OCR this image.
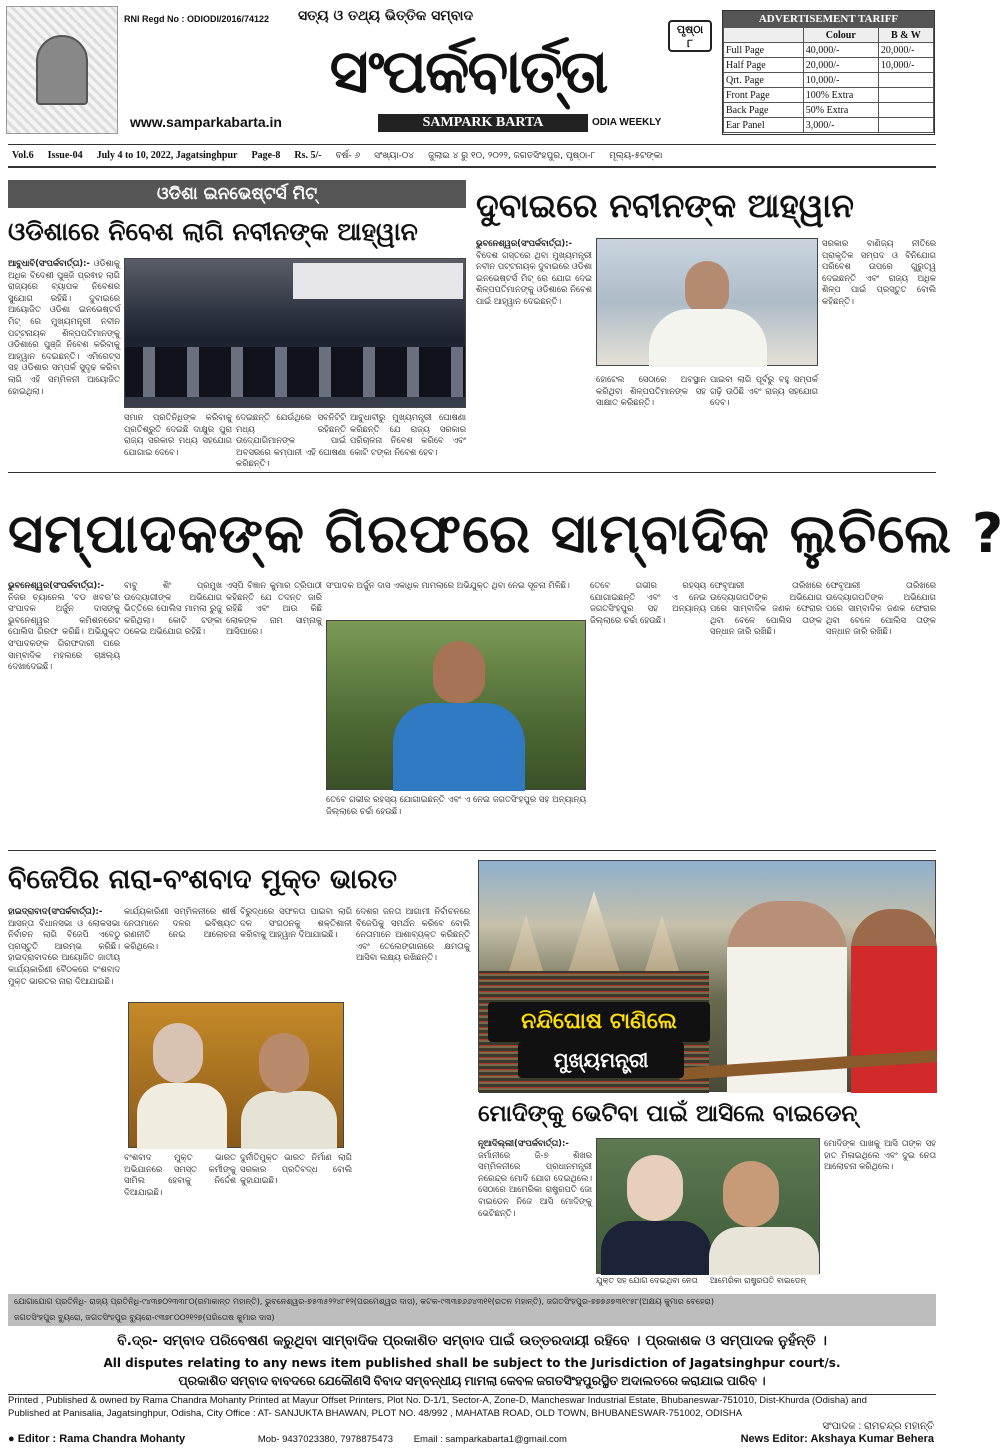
RNI Regd No : ODIODI/2016/74122 ସତ୍ୟ ଓ ତଥ୍ୟ ଭିତ୍ତିକ ସମ୍ବାଦ
ସଂପର୍କବାର୍ତ୍ତା
SAMPARK BARTA	ODIA WEEKLY
www.samparkabarta.in
ପୃଷ୍ଠା
୮
ADVERTISEMENT TARIFF
	Colour	B & W
Full Page	40,000/-	20,000/-
Half Page	20,000/-	10,000/-
Qrt. Page	10,000/-	
Front Page	100% Extra	
Back Page	50% Extra	
Ear Panel	3,000/-	
Vol.6 Issue-04 July 4 to 10, 2022, Jagatsinghpur Page-8 Rs. 5/- ବର୍ଷ- ୬ ସଂଖ୍ୟା-୦୪ ଜୁଲାଇ ୪ ରୁ ୧୦, ୨୦୨୨, ଜଗତସିଂହପୁର, ପୃଷ୍ଠା-୮ ମୂଲ୍ୟ-୫ଟଙ୍କା
ଓଡିଶା ଇନଭେଷ୍ଟର୍ସ ମିଟ୍
ଓଡିଶାରେ ନିବେଶ ଲାଗି ନବୀନଙ୍କ ଆହ୍ୱାନ
ଆବୁଧାବି(ସଂପର୍କବାର୍ତ୍ତା):- ଓଡିଶାକୁ ଅଧିକ ବିଦେଶୀ ପୁଞ୍ଜି ପ୍ରଵାହ ଲାଗି ରାଜ୍ୟରେ ବ୍ୟାପକ ନିବେଶର ସୁଯୋଗ ରହିଛି। ଦୁବାଇରେ ଆୟୋଜିତ ଓଡିଶା ଇନଭେଷ୍ଟର୍ସ ମିଟ୍ ରେ ମୁଖ୍ୟମନ୍ତ୍ରୀ ନବୀନ ପଟ୍ଟନାୟକ ଶିଳ୍ପପତିମାନଙ୍କୁ ଓଡିଶାରେ ପୁଞ୍ଜି ନିବେଶ କରିବାକୁ ଆହ୍ୱାନ ଦେଇଛନ୍ତି। ଏମିରେଟ୍ସ ସହ ଓଡିଶାର ସମ୍ପର୍କ ସୁଦୃଢ କରିବା ଲାଗି ଏହି ସମ୍ମିଳନୀ ଆୟୋଜିତ ହୋଇଥିଲା।
ସମାନ ପ୍ରତିନିଧିଙ୍କ କରିବାକୁ ପ୍ରତିଶ୍ରୁତି ଦେଇଛି ଦାକ୍ଷୁର ପୁରା ରାଜ୍ୟ ସରକାର ମଧ୍ୟ ସହଯୋଗ ଯୋଗାଇ ଦେବେ।
ଦେଇଛନ୍ତି ଯେଉଁଥିରେ ସବନିଟିଟି ମଧ୍ୟ ରହିଛନ୍ତି ଉଦ୍ଯୋଗିମାନଙ୍କ ପାଇଁ ଅବସରରେ କମ୍ପାନୀ ଏହି ଘୋଷଣା କରିଛନ୍ତି।
ଆବୁଧାବୀରୁ ମୁଖ୍ୟମନ୍ତ୍ରୀ ଘୋଷଣା କରିଛନ୍ତି ଯେ ରାଜ୍ୟ ସରକାର ପରିଚାଳନା ନିବେଶ କରିବେ ଏବଂ କୋଟି ଟଙ୍କା ନିବେଶ ହେବ।
ଦୁବାଇରେ ନବୀନଙ୍କ ଆହ୍ୱାନ
ଭୁବନେଶ୍ୱର(ସଂପର୍କବାର୍ତ୍ତା):- ବିଦେଶ ଗସ୍ତରେ ଥିବା ମୁଖ୍ୟମନ୍ତ୍ରୀ ନବୀନ ପଟ୍ଟନାୟକ ଦୁବାଇରେ ଓଡିଶା ଇନଭେଷ୍ଟର୍ସ ମିଟ୍ ରେ ଯୋଗ ଦେଇ ଶିଳ୍ପପତିମାନଙ୍କୁ ଓଡିଶାରେ ନିବେଶ ପାଇଁ ଆହ୍ୱାନ ଦେଇଛନ୍ତି।
ସରକାର ବାଣିଜ୍ୟ ନୀତିରେ ପ୍ରାକୃତିକ ସମ୍ପଦ ଓ ବିନିଯୋଗ ପରିବେଶ ଉପରେ ଗୁରୁତ୍ୱ ଦେଇଛନ୍ତି ଏବଂ ରାଜ୍ୟ ଅଧିକ ଶିଳ୍ପ ପାଇଁ ପ୍ରସ୍ତୁତ ବୋଲି କହିଛନ୍ତି।
ହୋଟେଲ ସେଠାରେ ଅବସ୍ଥାନ କରିଥିବା ଶିଳ୍ପପତିମାନଙ୍କ ସହ ସାକ୍ଷାତ କରିଛନ୍ତି।
ପାଇବା ଲାଗି ପୂର୍ବରୁ ବହୁ ସମ୍ପର୍କ ଗଢ଼ି ଉଠିଛି ଏବଂ ରାଜ୍ୟ ସହଯୋଗ ଦେବ।
ସମ୍ପାଦକଙ୍କ ଗିରଫରେ ସାମ୍ବାଦିକ ଲୁଚିଲେ ?
ଭୁବନେଶ୍ୱର(ସଂପର୍କବାର୍ତ୍ତା):- ନିଜର ଚ୍ୟାନେଲ ‘ବଡ ଖବର’ର ସଂପାଦକ ଅର୍ଜୁନ ଦାସଙ୍କୁ ଭୁବନେଶ୍ୱର କମିଶନରେଟ ପୋଲିସ ଗିରଫ କରିଛି। ଅଭିଯୁକ୍ତ ସଂପାଦକଙ୍କ ଗିରଫଦାରୀ ପରେ ସାମ୍ବାଦିକ ମହଲରେ ଚାଞ୍ଚଲ୍ୟ ଦେଖାଦେଇଛି।
ବାବୁ ଶିଂ ପ୍ରମୁଖ ଉଦ୍ୟୋଗୀଙ୍କ ଅଭିଯୋଗ ଭିତ୍ତିରେ ପୋଲିସ ମାମଲା ରୁଜୁ କରିଥିଲା। କୋଟି ଟଙ୍କା ଠକେଇ ଅଭିଯୋଗ ରହିଛି।
ଏସ୍‌ପି ବିଜ୍ଞାନ କୁମାର ତ୍ରିପାଠୀ କହିଛନ୍ତି ଯେ ତଦନ୍ତ ଜାରି ରହିଛି ଏବଂ ଆଉ କିଛି ଲୋକଙ୍କ ନାମ ସାମ୍ନାକୁ ଆସିପାରେ।
ସଂପାଦକ ଅର୍ଜୁନ ଦାସ ଏକାଧିକ ମାମଲାରେ ଅଭିଯୁକ୍ତ ଥିବା ନେଇ ସୂଚନା ମିଳିଛି।
ତେବେ ଗଭୀର ରହସ୍ୟ ଯୋଗାଇଛନ୍ତି ଏବଂ ଏ ନେଇ ଜଗତସିଂହପୁର ସହ ଅନ୍ୟାନ୍ୟ ଜିଲ୍ଲାରେ ଚର୍ଚ୍ଚା ହେଉଛି।
ତେବେ ଗଭୀର ରହସ୍ୟ ଯୋଗାଇଛନ୍ତି ଏବଂ ଏ ନେଇ ଜଗତସିଂହପୁର ସହ ଅନ୍ୟାନ୍ୟ ଜିଲ୍ଲାରେ ଚର୍ଚ୍ଚା ହେଉଛି।
ଫେବୃଆରୀ ତାରିଖରେ ଉଦ୍ୟୋଗପତିଙ୍କ ଅଭିଯୋଗ ପରେ ସାମ୍ବାଦିକ ଜଣକ ଫେରାର ଥିବା ବେଳେ ପୋଲିସ ତାଙ୍କ ସନ୍ଧାନ ଜାରି ରଖିଛି।
ଫେବୃଆରୀ ତାରିଖରେ ଉଦ୍ୟୋଗପତିଙ୍କ ଅଭିଯୋଗ ପରେ ସାମ୍ବାଦିକ ଜଣକ ଫେରାର ଥିବା ବେଳେ ପୋଲିସ ତାଙ୍କ ସନ୍ଧାନ ଜାରି ରଖିଛି।
ବିଜେପିର ନାରା-ବଂଶବାଦ ମୁକ୍ତ ଭାରତ
ହାଇଦ୍ରାବାଦ(ସଂପର୍କବାର୍ତ୍ତା):- ଆସନ୍ତା ବିଧାନସଭା ଓ ଲୋକସଭା ନିର୍ବାଚନ ଲାଗି ବିଜେପି ଏବେଠୁ ପ୍ରସ୍ତୁତି ଆରମ୍ଭ କରିଛି। ହାଇଦ୍ରାବାଦରେ ଆୟୋଜିତ ଜାତୀୟ କାର୍ଯ୍ୟକାରିଣୀ ବୈଠକରେ ବଂଶବାଦ ମୁକ୍ତ ଭାରତର ନାରା ଦିଆଯାଇଛି।
କାର୍ଯ୍ୟକାରିଣୀ ସମ୍ମିଳନୀରେ ଶୀର୍ଷ ନେତାମାନେ ଦଳର ଭବିଷ୍ୟତ ରଣନୀତି ନେଇ ଆଲୋଚନା କରିଥିଲେ।
ବିରୁଦ୍ଧରେ ସଫଳତା ପାଇବା ଲାଗି ଦଳ ସଂଗଠନକୁ ଶକ୍ତିଶାଳୀ କରିବାକୁ ଆହ୍ୱାନ ଦିଆଯାଇଛି।
ଦେଶର ଜନତା ଆଗାମୀ ନିର୍ବାଚନରେ ବିଜେପିକୁ ସମର୍ଥନ କରିବେ ବୋଲି ନେତାମାନେ ଆଶାବ୍ୟକ୍ତ କରିଛନ୍ତି ଏବଂ ତେଲେଙ୍ଗାନାରେ କ୍ଷମତାକୁ ଆସିବା ଲକ୍ଷ୍ୟ ରଖିଛନ୍ତି।
ବଂଶବାଦ ମୁକ୍ତ ଭାରତ ଅଭିଯାନରେ ସମସ୍ତ କର୍ମୀଙ୍କୁ ସାମିଲ ହେବାକୁ ନିର୍ଦ୍ଦେଶ ଦିଆଯାଇଛି।
ଦୁର୍ନୀତିମୁକ୍ତ ଭାରତ ନିର୍ମାଣ ଲାଗି ସରକାର ପ୍ରତିବଦ୍ଧ ବୋଲି କୁହାଯାଇଛି।
ନନ୍ଦିଘୋଷ ଟାଣିଲେ
ମୁଖ୍ୟମନ୍ତ୍ରୀ
ମୋଦିଙ୍କୁ ଭେଟିବା ପାଇଁ ଆସିଲେ ବାଇଡେନ୍
ନୂଆଦିଲ୍ଲୀ(ସଂପର୍କବାର୍ତ୍ତା):- ଜର୍ମାନୀରେ ଜି-୭ ଶିଖର ସମ୍ମିଳନୀରେ ପ୍ରଧାନମନ୍ତ୍ରୀ ନରେନ୍ଦ୍ର ମୋଦି ଯୋଗ ଦେଇଥିଲେ। ସେଠାରେ ଆମେରିକା ରାଷ୍ଟ୍ରପତି ଜୋ ବାଇଡେନ ନିଜେ ଆସି ମୋଦିଙ୍କୁ ଭେଟିଛନ୍ତି।
ଯୁକ୍ତ ସହ ଯୋଗ ଦେଇଥିବା ନେତା	ଆମେରିକା ରାଷ୍ଟ୍ରପତି ବାଇଡେନ୍
ମୋଦିଙ୍କ ପାଖକୁ ଆସି ତାଙ୍କ ସହ ହାତ ମିଳାଇଥିଲେ ଏବଂ ଦୁଇ ନେତା ଆଲୋଚନା କରିଥିଲେ।
ଯୋଗାଯୋଗ ପ୍ରତିନିଧି- ରାଜ୍ୟ ପ୍ରତିନିଧି-୯୪୩୭୦୨୩୩୮୦(ରମାକାନ୍ତ ମହାନ୍ତି), ଭୁବନେଶ୍ୱର-୭୫୩୫୨୨୪୮୧୨(ପରମେଶ୍ୱର ଦାସ), କଟକ-୯୩୩୭୬୬୪୩୧୧(ରତନ ମହାନ୍ତି), ଜଗତସିଂହପୁର-୭୭୭୬୭୩୧୯୫୮(ଅକ୍ଷୟ କୁମାର ବେହେରା)
ଜଗତସିଂହପୁର ବ୍ୟୁରୋ, ଜଗତସିଂହପୁର ବ୍ୟୁରୋ-୯୩୭୮୦୦୨୧୨୭(ପରିତୋଷ କୁମାର ଦାସ)
ବି.ଦ୍ର- ସମ୍ବାଦ ପରିବେଷଣ କରୁଥିବା ସାମ୍ବାଦିକ ପ୍ରକାଶିତ ସମ୍ବାଦ ପାଇଁ ଉତ୍ତରଦାୟୀ ରହିବେ । ପ୍ରକାଶକ ଓ ସମ୍ପାଦକ ନୁହଁନ୍ତି ।
All disputes relating to any news item published shall be subject to the Jurisdiction of Jagatsinghpur court/s.
ପ୍ରକାଶିତ ସମ୍ବାଦ ବାବଦରେ ଯେକୌଣସି ବିବାଦ ସମ୍ବନ୍ଧୀୟ ମାମଲା କେବଳ ଜଗତସିଂହପୁରସ୍ଥିତ ଅଦାଲତରେ କରାଯାଇ ପାରିବ ।
Printed , Published & owned by Rama Chandra Mohanty Printed at Mayur Offset Printers, Plot No. D-1/1, Sector-A, Zone-D, Mancheswar Industrial Estate, Bhubaneswar-751010, Dist-Khurda (Odisha) and
Published at Panisalia, Jagatsinghpur, Odisha, City Office : AT- SANJUKTA BHAWAN, PLOT NO. 48/992 , MAHATAB ROAD, OLD TOWN, BHUBANESWAR-751002, ODISHA
ସଂପାଦକ : ରାମଚନ୍ଦ୍ର ମହାନ୍ତି
● Editor : Rama Chandra Mohanty	Mob- 9437023380, 7978875473 Email : samparkabarta1@gmail.com	News Editor: Akshaya Kumar Behera
